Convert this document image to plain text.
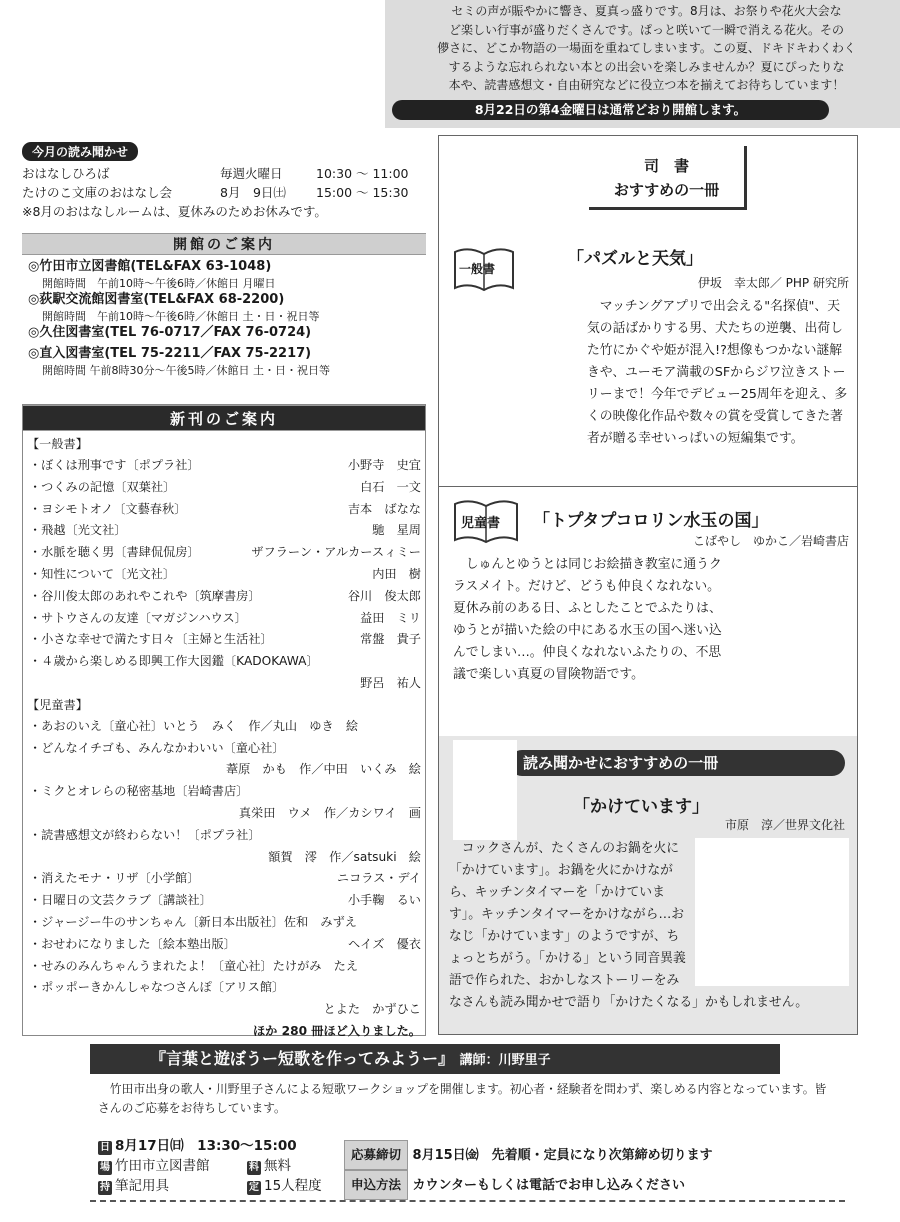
セミの声が賑やかに響き、夏真っ盛りです。8月は、お祭りや花火大会な
ど楽しい行事が盛りだくさんです。ぱっと咲いて一瞬で消える花火。その
儚さに、どこか物語の一場面を重ねてしまいます。この夏、ドキドキわくわく
するような忘れられない本との出会いを楽しみませんか？夏にぴったりな
本や、読書感想文・自由研究などに役立つ本を揃えてお待ちしています！
8月22日の第4金曜日は通常どおり開館します。
今月の読み聞かせ
おはなしひろば	毎週火曜日	10:30 ～ 11:00
たけのこ文庫のおはなし会	8月　9日㈯	15:00 ～ 15:30
※8月のおはなしルームは、夏休みのためお休みです。
開館のご案内
◎竹田市立図書館(TEL&FAX 63-1048)
開館時間　午前10時～午後6時／休館日 月曜日
◎荻駅交流館図書室(TEL&FAX 68-2200)
開館時間　午前10時～午後6時／休館日 土・日・祝日等
◎久住図書室(TEL 76-0717／FAX 76-0724)
◎直入図書室(TEL 75-2211／FAX 75-2217)
開館時間 午前8時30分～午後5時／休館日 土・日・祝日等
新刊のご案内
【一般書】
・ぼくは刑事です〔ポプラ社〕	小野寺　史宜
・つくみの記憶〔双葉社〕	白石　一文
・ヨシモトオノ〔文藝春秋〕	吉本　ばなな
・飛越〔光文社〕	馳　星周
・水脈を聴く男〔書肆侃侃房〕	ザフラーン・アルカースィミー
・知性について〔光文社〕	内田　樹
・谷川俊太郎のあれやこれや〔筑摩書房〕	谷川　俊太郎
・サトウさんの友達〔マガジンハウス〕	益田　ミリ
・小さな幸せで満たす日々〔主婦と生活社〕	常盤　貴子
・４歳から楽しめる即興工作大図鑑〔KADOKAWA〕
野呂　祐人
【児童書】
・あおのいえ〔童心社〕いとう　みく　作／丸山　ゆき　絵
・どんなイチゴも、みんなかわいい〔童心社〕
葦原　かも　作／中田　いくみ　絵
・ミクとオレらの秘密基地〔岩崎書店〕
真栄田　ウメ　作／カシワイ　画
・読書感想文が終わらない！〔ポプラ社〕
額賀　澪　作／satsuki　絵
・消えたモナ・リザ〔小学館〕	ニコラス・デイ
・日曜日の文芸クラブ〔講談社〕	小手鞠　るい
・ジャージー牛のサンちゃん〔新日本出版社〕佐和　みずえ
・おせわになりました〔絵本塾出版〕	ヘイズ　優衣
・せみのみんちゃんうまれたよ！〔童心社〕たけがみ　たえ
・ポッポーきかんしゃなつさんぽ〔アリス館〕
とよた　かずひこ
ほか 280 冊ほど入りました。
司　書
おすすめの一冊
一般書	「パズルと天気」
伊坂　幸太郎／ PHP 研究所
マッチングアプリで出会える"名探偵"、天気の話ばかりする男、犬たちの逆襲、出荷した竹にかぐや姫が混入!?想像もつかない謎解きや、ユーモア満載のSFからジワ泣きストーリーまで！今年でデビュー25周年を迎え、多くの映像化作品や数々の賞を受賞してきた著者が贈る幸せいっぱいの短編集です。
児童書 「トプタプコロリン水玉の国」
こばやし　ゆかこ／岩崎書店
しゅんとゆうとは同じお絵描き教室に通うクラスメイト。だけど、どうも仲良くなれない。夏休み前のある日、ふとしたことでふたりは、ゆうとが描いた絵の中にある水玉の国へ迷い込んでしまい…。仲良くなれないふたりの、不思議で楽しい真夏の冒険物語です。
読み聞かせにおすすめの一冊
「かけています」
市原　淳／世界文化社
コックさんが、たくさんのお鍋を火に「かけています」。お鍋を火にかけながら、キッチンタイマーを「かけています」。キッチンタイマーをかけながら…おなじ「かけています」のようですが、ちょっとちがう。「かける」という同音異義語で作られた、おかしなストーリーをみなさんも読み聞かせで語り「かけたくなる」かもしれません。
『言葉と遊ぼうー短歌を作ってみようー』 講師：川野里子
竹田市出身の歌人・川野里子さんによる短歌ワークショップを開催します。初心者・経験者を問わず、楽しめる内容となっています。皆さんのご応募をお待ちしています。
日 8月17日㈰　13:30～15:00
場 竹田市立図書館	料 無料
持 筆記用具	定 15人程度
応募締切 8月15日㈮　先着順・定員になり次第締め切ります
申込方法 カウンターもしくは電話でお申し込みください
